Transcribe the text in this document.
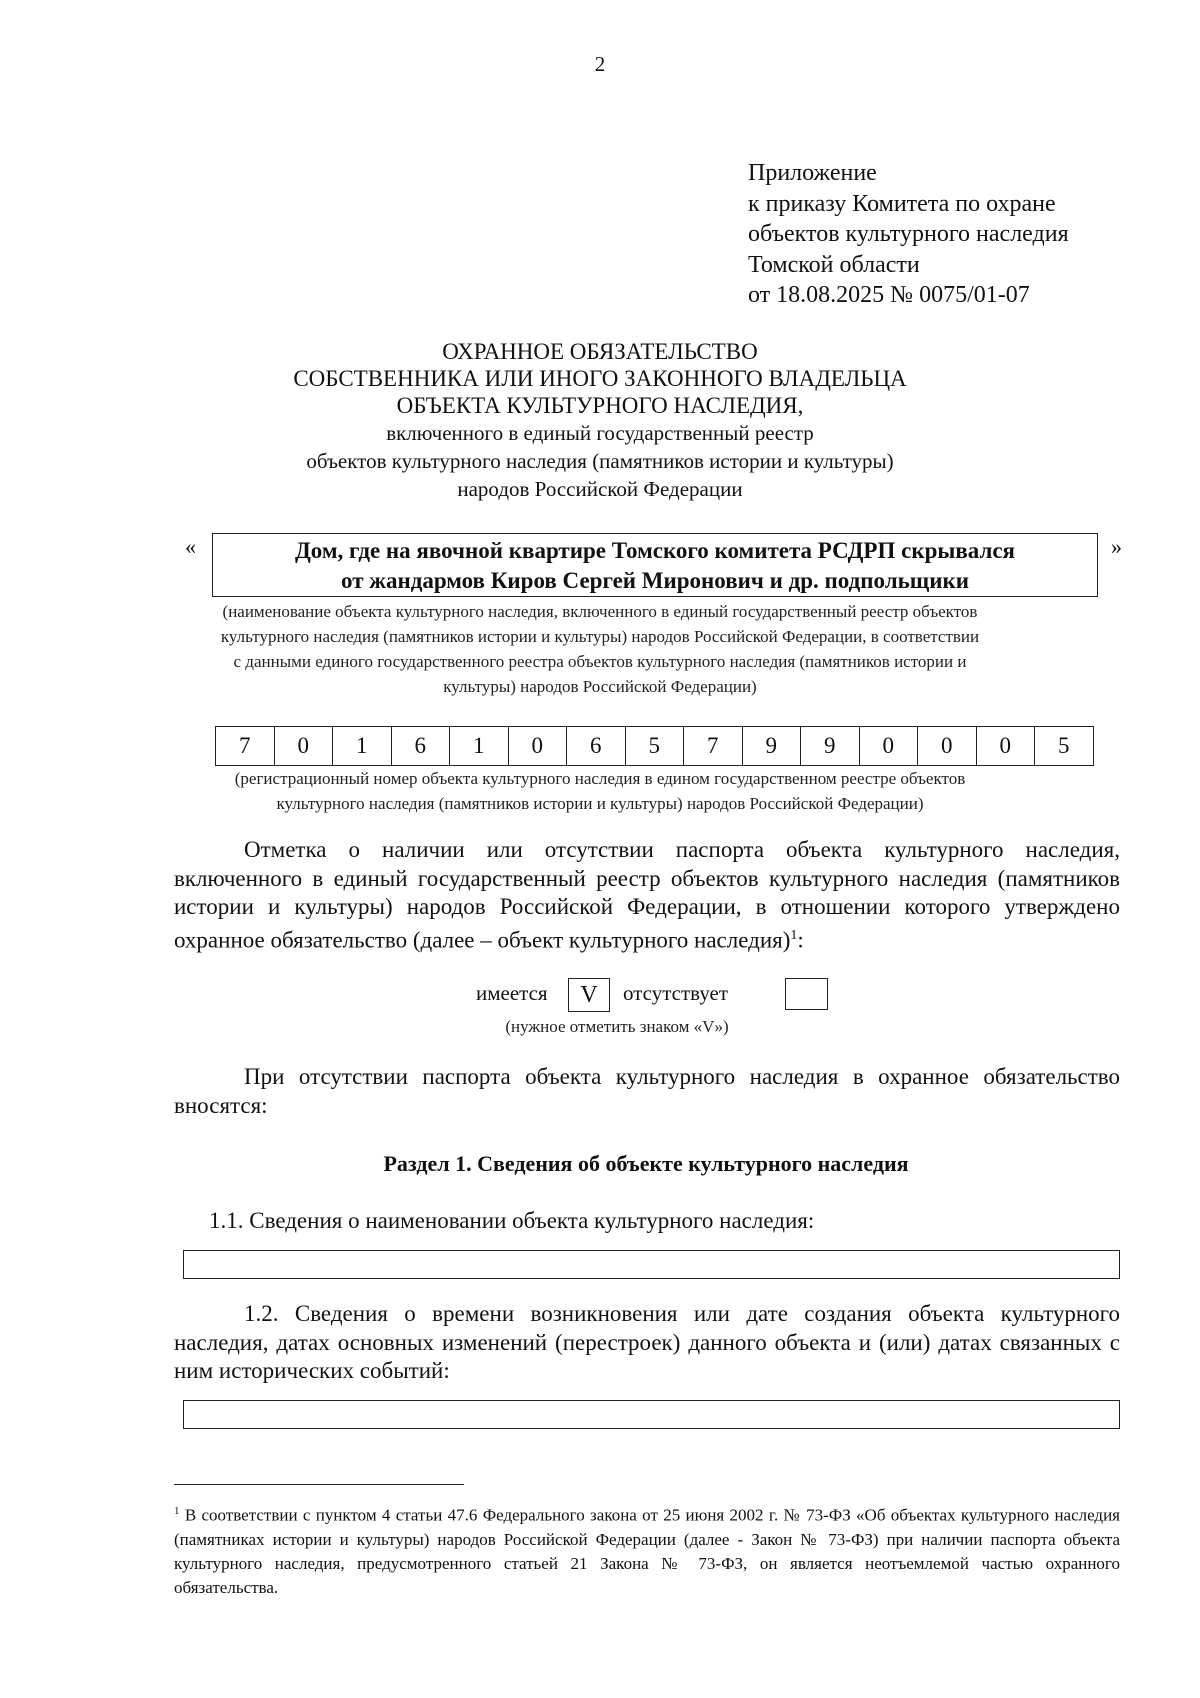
2
Приложение
к приказу Комитета по охране
объектов культурного наследия
Томской области
от 18.08.2025 № 0075/01-07
ОХРАННОЕ ОБЯЗАТЕЛЬСТВО
СОБСТВЕННИКА ИЛИ ИНОГО ЗАКОННОГО ВЛАДЕЛЬЦА
ОБЪЕКТА КУЛЬТУРНОГО НАСЛЕДИЯ,
включенного в единый государственный реестр
объектов культурного наследия (памятников истории и культуры)
народов Российской Федерации
«	»
Дом, где на явочной квартире Томского комитета РСДРП скрывался
от жандармов Киров Сергей Миронович и др. подпольщики
(наименование объекта культурного наследия, включенного в единый государственный реестр объектов
культурного наследия (памятников истории и культуры) народов Российской Федерации, в соответствии
с данными единого государственного реестра объектов культурного наследия (памятников истории и
культуры) народов Российской Федерации)
7	0	1	6	1	0	6	5	7	9	9	0	0	0	5
(регистрационный номер объекта культурного наследия в едином государственном реестре объектов
культурного наследия (памятников истории и культуры) народов Российской Федерации)

Отметка о наличии или отсутствии паспорта объекта культурного наследия, включенного в единый государственный реестр объектов культурного наследия (памятников истории и культуры) народов Российской Федерации, в отношении которого утверждено охранное обязательство (далее – объект культурного наследия)$^1$:

имеется	V	отсутствует
(нужное отметить знаком «V»)

При отсутствии паспорта объекта культурного наследия в охранное обязательство вносятся:

Раздел 1. Сведения об объекте культурного наследия
1.1. Сведения о наименовании объекта культурного наследия:

1.2. Сведения о времени возникновения или дате создания объекта культурного наследия, датах основных изменений (перестроек) данного объекта и (или) датах связанных с ним исторических событий:

$^1$ В соответствии с пунктом 4 статьи 47.6 Федерального закона от 25 июня 2002 г. № 73-ФЗ «Об объектах культурного наследия (памятниках истории и культуры) народов Российской Федерации (далее - Закон № 73-ФЗ) при наличии паспорта объекта культурного наследия, предусмотренного статьей 21 Закона № 73-ФЗ, он является неотъемлемой частью охранного обязательства.
